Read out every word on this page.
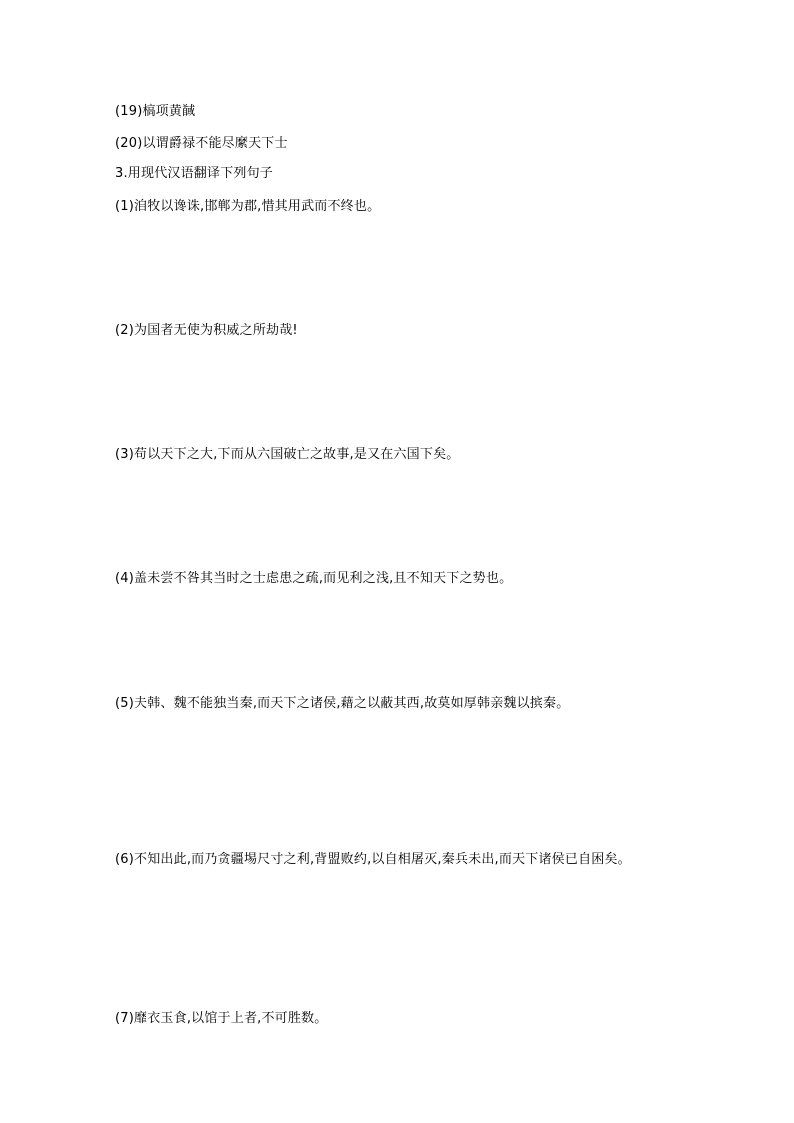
(19)槁项黄馘
(20)以谓爵禄不能尽縻天下士
3.用现代汉语翻译下列句子
(1)洎牧以谗诛,邯郸为郡,惜其用武而不终也。
(2)为国者无使为积威之所劫哉!
(3)苟以天下之大,下而从六国破亡之故事,是又在六国下矣。
(4)盖未尝不咎其当时之士虑患之疏,而见利之浅,且不知天下之势也。
(5)夫韩、魏不能独当秦,而天下之诸侯,藉之以蔽其西,故莫如厚韩亲魏以摈秦。
(6)不知出此,而乃贪疆埸尺寸之利,背盟败约,以自相屠灭,秦兵未出,而天下诸侯已自困矣。
(7)靡衣玉食,以馆于上者,不可胜数。
